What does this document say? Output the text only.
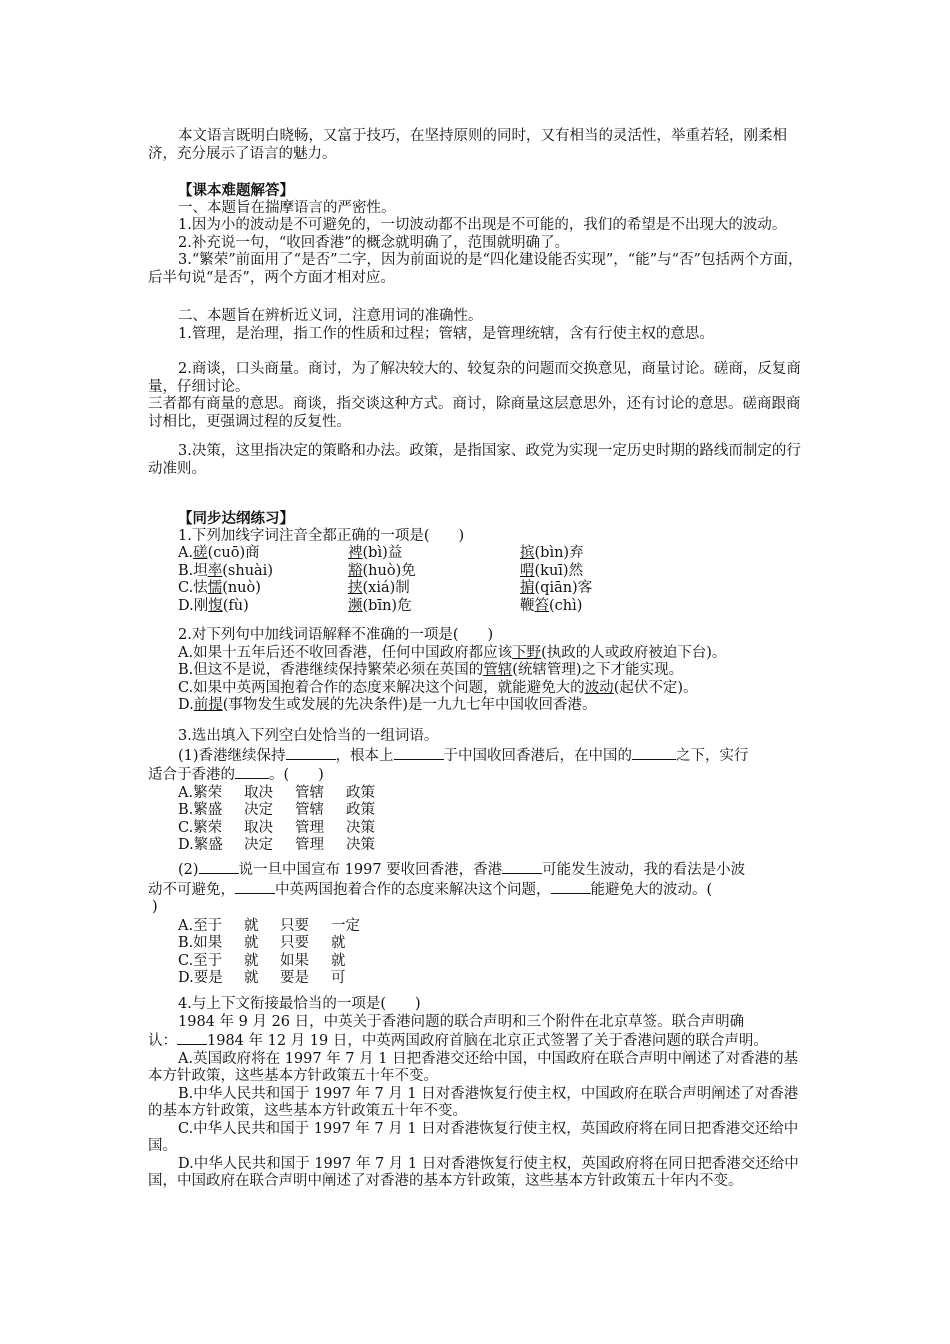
本文语言既明白晓畅，又富于技巧，在坚持原则的同时，又有相当的灵活性，举重若轻，刚柔相济，充分展示了语言的魅力。

【课本难题解答】

一、本题旨在揣摩语言的严密性。

1.因为小的波动是不可避免的，一切波动都不出现是不可能的，我们的希望是不出现大的波动。

2.补充说一句，“收回香港”的概念就明确了，范围就明确了。

3.“繁荣”前面用了“是否”二字，因为前面说的是“四化建设能否实现”，“能”与“否”包括两个方面，后半句说“是否”，两个方面才相对应。

二、本题旨在辨析近义词，注意用词的准确性。

1.管理，是治理，指工作的性质和过程；管辖，是管理统辖，含有行使主权的意思。

2.商谈，口头商量。商讨，为了解决较大的、较复杂的问题而交换意见，商量讨论。磋商，反复商量，仔细讨论。

三者都有商量的意思。商谈，指交谈这种方式。商讨，除商量这层意思外，还有讨论的意思。磋商跟商讨相比，更强调过程的反复性。

3.决策，这里指决定的策略和办法。政策，是指国家、政党为实现一定历史时期的路线而制定的行动准则。

【同步达纲练习】

1.下列加线字词注音全都正确的一项是(　　)

A.磋(cuō)商	裨(bì)益	摈(bìn)弃
B.坦率(shuài)	豁(huò)免	喟(kuī)然
C.怯懦(nuò)	挟(xiá)制	掮(qiān)客
D.刚愎(fù)	濒(bīn)危	鞭笞(chì)

2.对下列句中加线词语解释不准确的一项是(　　)

A.如果十五年后还不收回香港，任何中国政府都应该下野(执政的人或政府被迫下台)。

B.但这不是说，香港继续保持繁荣必须在英国的管辖(统辖管理)之下才能实现。

C.如果中英两国抱着合作的态度来解决这个问题，就能避免大的波动(起伏不定)。

D.前提(事物发生或发展的先决条件)是一九九七年中国收回香港。

3.选出填入下列空白处恰当的一组词语。

(1)香港继续保持	，根本上	于中国收回香港后，在中国的	之下，实行

适合于香港的 。(　　)

A.繁荣 取决 管辖 政策
B.繁盛 决定 管辖 政策
C.繁荣 取决 管理 决策
D.繁盛 决定 管理 决策

(2)	说一旦中国宣布 1997 要收回香港，香港	可能发生波动，我的看法是小波

动不可避免，	中英两国抱着合作的态度来解决这个问题，	能避免大的波动。(

)

A.至于 就 只要 一定
B.如果 就 只要 就
C.至于 就 如果 就
D.要是 就 要是 可

4.与上下文衔接最恰当的一项是(　　)

1984 年 9 月 26 日，中英关于香港问题的联合声明和三个附件在北京草签。联合声明确

认： 1984 年 12 月 19 日，中英两国政府首脑在北京正式签署了关于香港问题的联合声明。

A.英国政府将在 1997 年 7 月 1 日把香港交还给中国，中国政府在联合声明中阐述了对香港的基本方针政策，这些基本方针政策五十年不变。

B.中华人民共和国于 1997 年 7 月 1 日对香港恢复行使主权，中国政府在联合声明阐述了对香港的基本方针政策，这些基本方针政策五十年不变。

C.中华人民共和国于 1997 年 7 月 1 日对香港恢复行使主权，英国政府将在同日把香港交还给中国。

D.中华人民共和国于 1997 年 7 月 1 日对香港恢复行使主权，英国政府将在同日把香港交还给中国，中国政府在联合声明中阐述了对香港的基本方针政策，这些基本方针政策五十年内不变。
